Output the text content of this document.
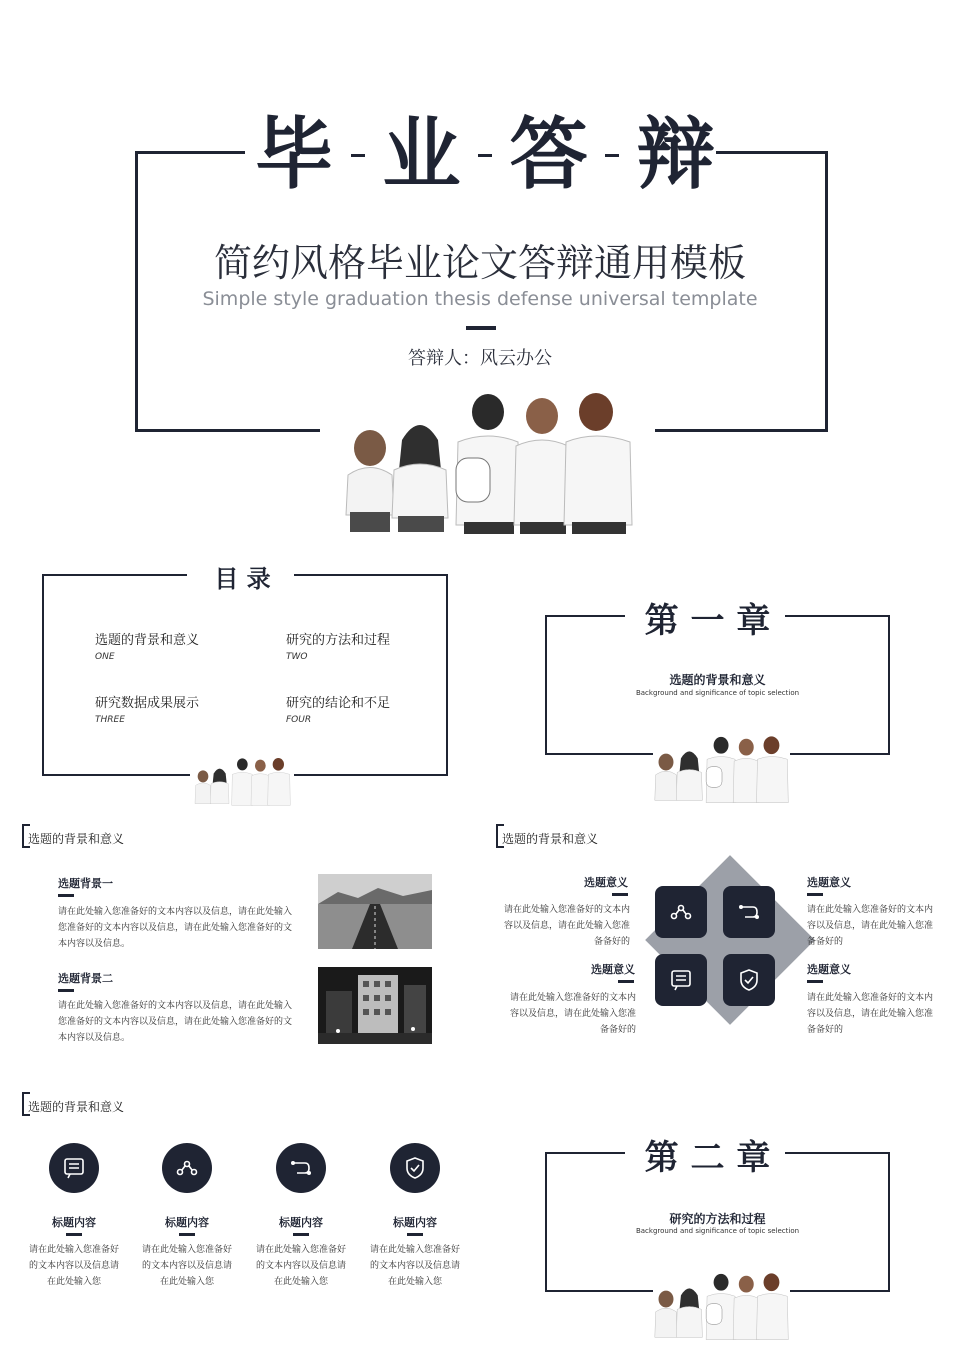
毕 业 答 辩
简约风格毕业论文答辩通用模板
Simple style graduation thesis defense universal template
答辩人：风云办公
目 录
选题的背景和意义
ONE
研究的方法和过程
TWO
研究数据成果展示
THREE
研究的结论和不足
FOUR
第 一 章
选题的背景和意义
Background and significance of topic selection
选题的背景和意义
选题背景一
请在此处输入您准备好的文本内容以及信息，请在此处输入您准备好的文本内容以及信息，请在此处输入您准备好的文本内容以及信息。
选题背景二
请在此处输入您准备好的文本内容以及信息，请在此处输入您准备好的文本内容以及信息，请在此处输入您准备好的文本内容以及信息。
选题的背景和意义
选题意义
请在此处输入您准备好的文本内容以及信息，请在此处输入您准备备好的
选题意义
请在此处输入您准备好的文本内容以及信息，请在此处输入您准备备好的
选题意义
请在此处输入您准备好的文本内容以及信息，请在此处输入您准备备好的
选题意义
请在此处输入您准备好的文本内容以及信息，请在此处输入您准备备好的
选题的背景和意义
标题内容
请在此处输入您准备好的文本内容以及信息请在此处输入您
标题内容
请在此处输入您准备好的文本内容以及信息请在此处输入您
标题内容
请在此处输入您准备好的文本内容以及信息请在此处输入您
标题内容
请在此处输入您准备好的文本内容以及信息请在此处输入您
第 二 章
研究的方法和过程
Background and significance of topic selection
